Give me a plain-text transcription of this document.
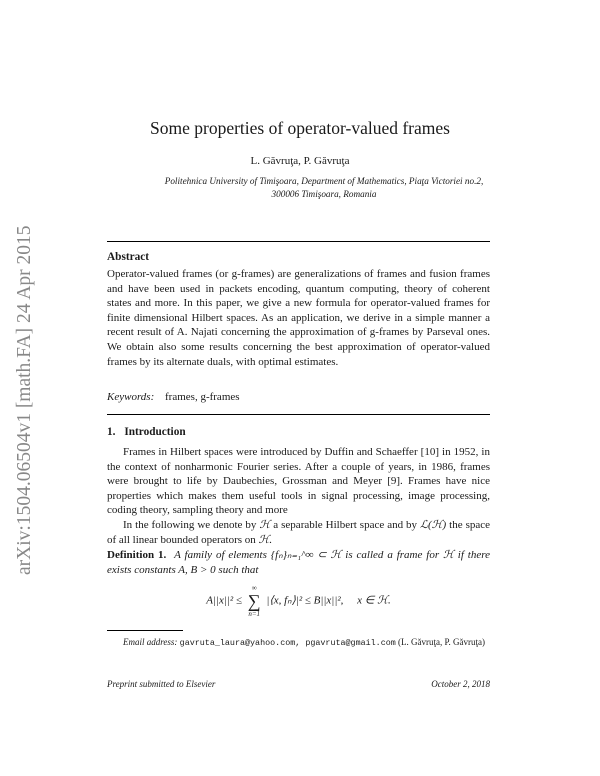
arXiv:1504.06504v1 [math.FA] 24 Apr 2015
Some properties of operator-valued frames
L. Găvruţa, P. Găvruţa
Politehnica University of Timişoara, Department of Mathematics, Piaţa Victoriei no.2, 300006 Timişoara, Romania
Abstract
Operator-valued frames (or g-frames) are generalizations of frames and fusion frames and have been used in packets encoding, quantum computing, theory of coherent states and more. In this paper, we give a new formula for operator-valued frames for finite dimensional Hilbert spaces. As an application, we derive in a simple manner a recent result of A. Najati concerning the approximation of g-frames by Parseval ones. We obtain also some results concerning the best approximation of operator-valued frames by its alternate duals, with optimal estimates.
Keywords: frames, g-frames
1. Introduction
Frames in Hilbert spaces were introduced by Duffin and Schaeffer [10] in 1952, in the context of nonharmonic Fourier series. After a couple of years, in 1986, frames were brought to life by Daubechies, Grossman and Meyer [9]. Frames have nice properties which makes them useful tools in signal processing, image processing, coding theory, sampling theory and more
In the following we denote by ℋ a separable Hilbert space and by ℒ(ℋ) the space of all linear bounded operators on ℋ.
Definition 1. A family of elements {fₙ}ₙ₌₁^∞ ⊂ ℋ is called a frame for ℋ if there exists constants A, B > 0 such that
A||x||² ≤
∞
∑
n=1
|⟨x, fₙ⟩|² ≤ B||x||², x ∈ ℋ.
Email address: gavruta_laura@yahoo.com, pgavruta@gmail.com (L. Găvruţa, P. Găvruţa)
Preprint submitted to Elsevier	October 2, 2018
